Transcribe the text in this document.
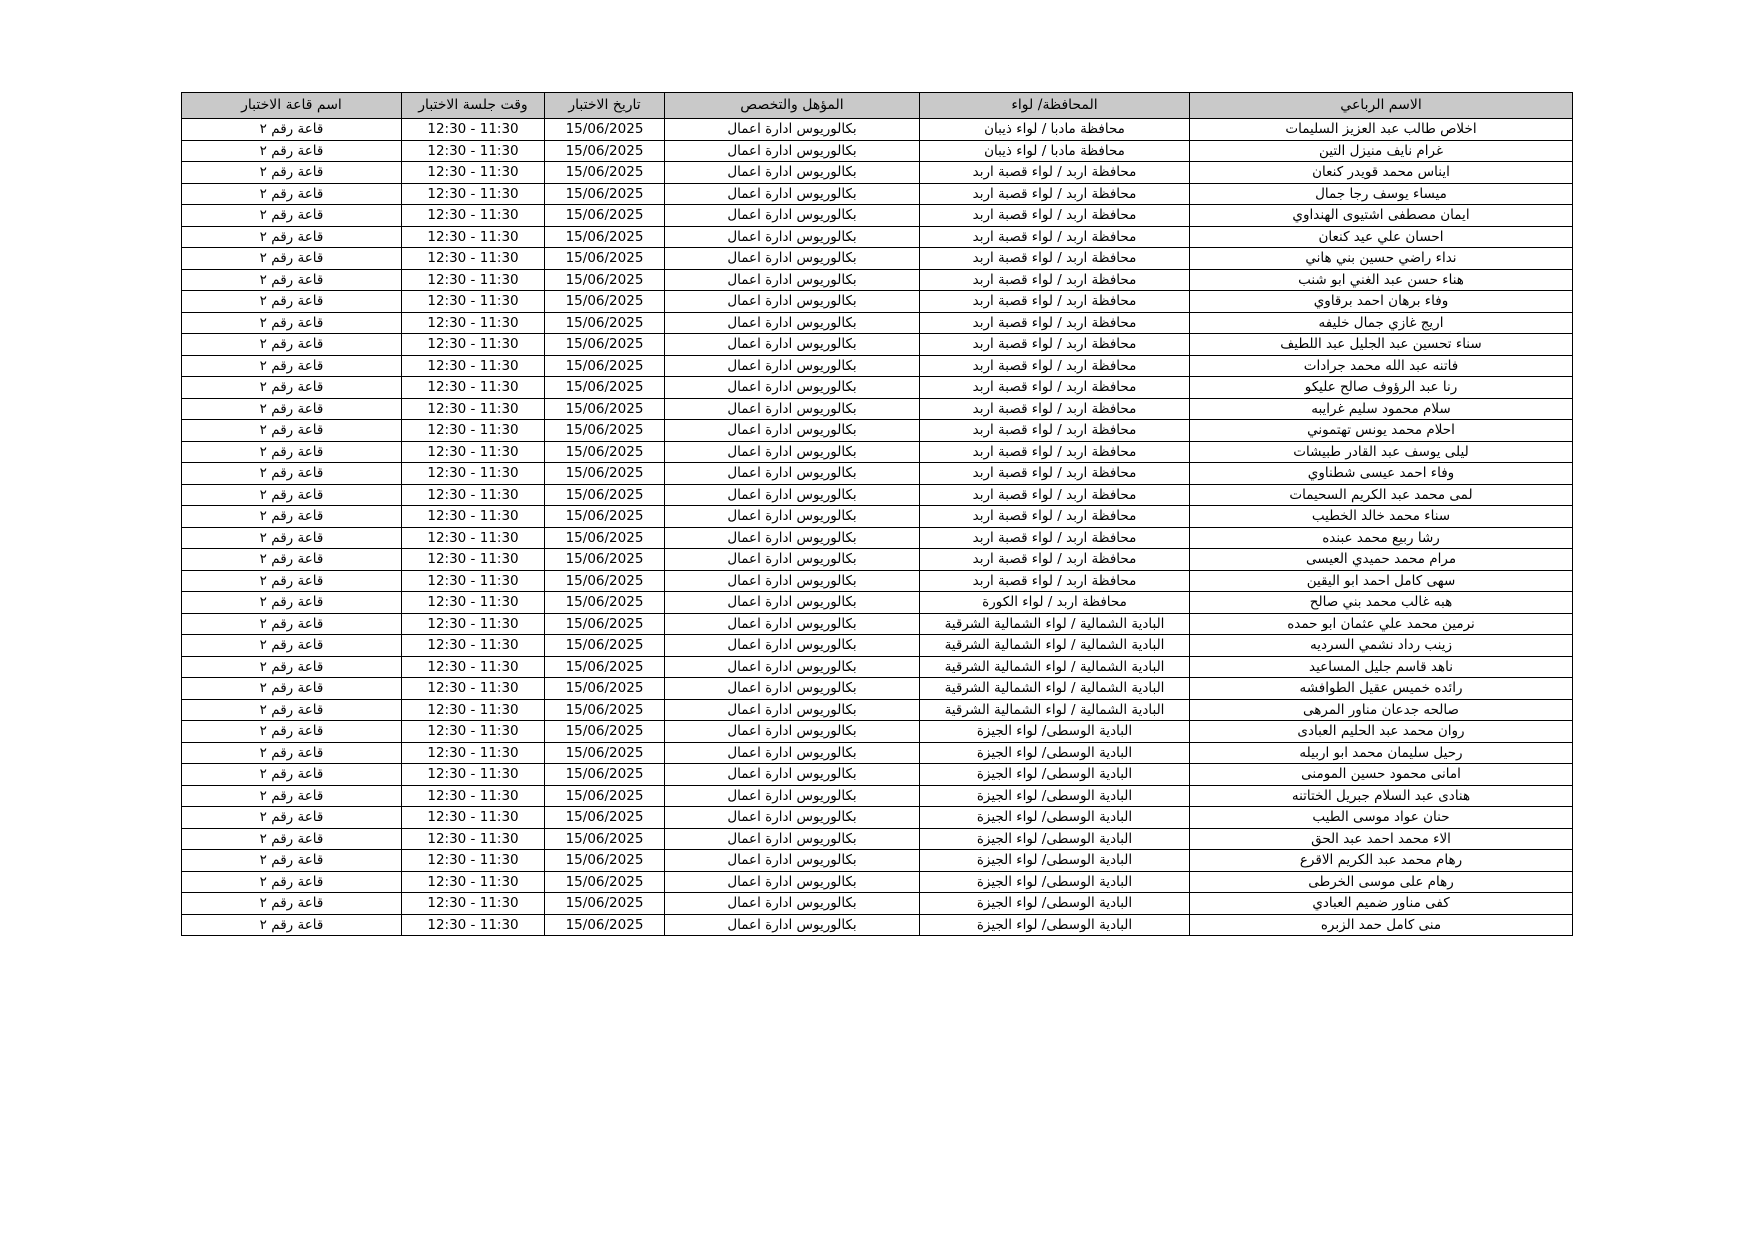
الاسم الرباعي	المحافظة/ لواء	المؤهل والتخصص	تاريخ الاختبار	وقت جلسة الاختبار	اسم قاعة الاختبار
اخلاص طالب عبد العزيز السليمات	محافظة مادبا / لواء ذيبان	بكالوريوس ادارة اعمال	15/06/2025	11:30 - 12:30	قاعة رقم ٢
غرام نايف منيزل التين	محافظة مادبا / لواء ذيبان	بكالوريوس ادارة اعمال	15/06/2025	11:30 - 12:30	قاعة رقم ٢
ايناس محمد قويدر كنعان	محافظة اربد / لواء قصبة اربد	بكالوريوس ادارة اعمال	15/06/2025	11:30 - 12:30	قاعة رقم ٢
ميساء يوسف رجا جمال	محافظة اربد / لواء قصبة اربد	بكالوريوس ادارة اعمال	15/06/2025	11:30 - 12:30	قاعة رقم ٢
ايمان مصطفى اشتيوى الهنداوي	محافظة اربد / لواء قصبة اربد	بكالوريوس ادارة اعمال	15/06/2025	11:30 - 12:30	قاعة رقم ٢
احسان علي عيد كنعان	محافظة اربد / لواء قصبة اربد	بكالوريوس ادارة اعمال	15/06/2025	11:30 - 12:30	قاعة رقم ٢
نداء راضي حسين بني هاني	محافظة اربد / لواء قصبة اربد	بكالوريوس ادارة اعمال	15/06/2025	11:30 - 12:30	قاعة رقم ٢
هناء حسن عبد الغني ابو شنب	محافظة اربد / لواء قصبة اربد	بكالوريوس ادارة اعمال	15/06/2025	11:30 - 12:30	قاعة رقم ٢
وفاء برهان احمد برقاوي	محافظة اربد / لواء قصبة اربد	بكالوريوس ادارة اعمال	15/06/2025	11:30 - 12:30	قاعة رقم ٢
اريج غازي جمال خليفه	محافظة اربد / لواء قصبة اربد	بكالوريوس ادارة اعمال	15/06/2025	11:30 - 12:30	قاعة رقم ٢
سناء تحسين عبد الجليل عبد اللطيف	محافظة اربد / لواء قصبة اربد	بكالوريوس ادارة اعمال	15/06/2025	11:30 - 12:30	قاعة رقم ٢
فاتنه عبد الله محمد جرادات	محافظة اربد / لواء قصبة اربد	بكالوريوس ادارة اعمال	15/06/2025	11:30 - 12:30	قاعة رقم ٢
رنا عبد الرؤوف صالح عليكو	محافظة اربد / لواء قصبة اربد	بكالوريوس ادارة اعمال	15/06/2025	11:30 - 12:30	قاعة رقم ٢
سلام محمود سليم غرايبه	محافظة اربد / لواء قصبة اربد	بكالوريوس ادارة اعمال	15/06/2025	11:30 - 12:30	قاعة رقم ٢
احلام محمد يونس تهتموني	محافظة اربد / لواء قصبة اربد	بكالوريوس ادارة اعمال	15/06/2025	11:30 - 12:30	قاعة رقم ٢
ليلى يوسف عبد القادر طبيشات	محافظة اربد / لواء قصبة اربد	بكالوريوس ادارة اعمال	15/06/2025	11:30 - 12:30	قاعة رقم ٢
وفاء احمد عيسى شطناوي	محافظة اربد / لواء قصبة اربد	بكالوريوس ادارة اعمال	15/06/2025	11:30 - 12:30	قاعة رقم ٢
لمى محمد عبد الكريم السحيمات	محافظة اربد / لواء قصبة اربد	بكالوريوس ادارة اعمال	15/06/2025	11:30 - 12:30	قاعة رقم ٢
سناء محمد خالد الخطيب	محافظة اربد / لواء قصبة اربد	بكالوريوس ادارة اعمال	15/06/2025	11:30 - 12:30	قاعة رقم ٢
رشا ربيع محمد عبنده	محافظة اربد / لواء قصبة اربد	بكالوريوس ادارة اعمال	15/06/2025	11:30 - 12:30	قاعة رقم ٢
مرام محمد حميدي العيسى	محافظة اربد / لواء قصبة اربد	بكالوريوس ادارة اعمال	15/06/2025	11:30 - 12:30	قاعة رقم ٢
سهى كامل احمد ابو اليقين	محافظة اربد / لواء قصبة اربد	بكالوريوس ادارة اعمال	15/06/2025	11:30 - 12:30	قاعة رقم ٢
هبه غالب محمد بني صالح	محافظة اربد / لواء الكورة	بكالوريوس ادارة اعمال	15/06/2025	11:30 - 12:30	قاعة رقم ٢
نرمين محمد علي عثمان ابو حمده	البادية الشمالية / لواء الشمالية الشرقية	بكالوريوس ادارة اعمال	15/06/2025	11:30 - 12:30	قاعة رقم ٢
زينب رداد نشمي السرديه	البادية الشمالية / لواء الشمالية الشرقية	بكالوريوس ادارة اعمال	15/06/2025	11:30 - 12:30	قاعة رقم ٢
ناهد قاسم جليل المساعيد	البادية الشمالية / لواء الشمالية الشرقية	بكالوريوس ادارة اعمال	15/06/2025	11:30 - 12:30	قاعة رقم ٢
رائده خميس عقيل الطوافشه	البادية الشمالية / لواء الشمالية الشرقية	بكالوريوس ادارة اعمال	15/06/2025	11:30 - 12:30	قاعة رقم ٢
صالحه جدعان مناور المرهى	البادية الشمالية / لواء الشمالية الشرقية	بكالوريوس ادارة اعمال	15/06/2025	11:30 - 12:30	قاعة رقم ٢
روان محمد عبد الحليم العبادى	البادية الوسطى/ لواء الجيزة	بكالوريوس ادارة اعمال	15/06/2025	11:30 - 12:30	قاعة رقم ٢
رحيل سليمان محمد ابو اربيله	البادية الوسطى/ لواء الجيزة	بكالوريوس ادارة اعمال	15/06/2025	11:30 - 12:30	قاعة رقم ٢
امانى محمود حسين المومنى	البادية الوسطى/ لواء الجيزة	بكالوريوس ادارة اعمال	15/06/2025	11:30 - 12:30	قاعة رقم ٢
هنادى عبد السلام جبريل الختاتنه	البادية الوسطى/ لواء الجيزة	بكالوريوس ادارة اعمال	15/06/2025	11:30 - 12:30	قاعة رقم ٢
حنان عواد موسى الطيب	البادية الوسطى/ لواء الجيزة	بكالوريوس ادارة اعمال	15/06/2025	11:30 - 12:30	قاعة رقم ٢
الاء محمد احمد عبد الحق	البادية الوسطى/ لواء الجيزة	بكالوريوس ادارة اعمال	15/06/2025	11:30 - 12:30	قاعة رقم ٢
رهام محمد عبد الكريم الاقرع	البادية الوسطى/ لواء الجيزة	بكالوريوس ادارة اعمال	15/06/2025	11:30 - 12:30	قاعة رقم ٢
رهام على موسى الخرطى	البادية الوسطى/ لواء الجيزة	بكالوريوس ادارة اعمال	15/06/2025	11:30 - 12:30	قاعة رقم ٢
كفى مناور ضميم العبادي	البادية الوسطى/ لواء الجيزة	بكالوريوس ادارة اعمال	15/06/2025	11:30 - 12:30	قاعة رقم ٢
منى كامل حمد الزبره	البادية الوسطى/ لواء الجيزة	بكالوريوس ادارة اعمال	15/06/2025	11:30 - 12:30	قاعة رقم ٢
